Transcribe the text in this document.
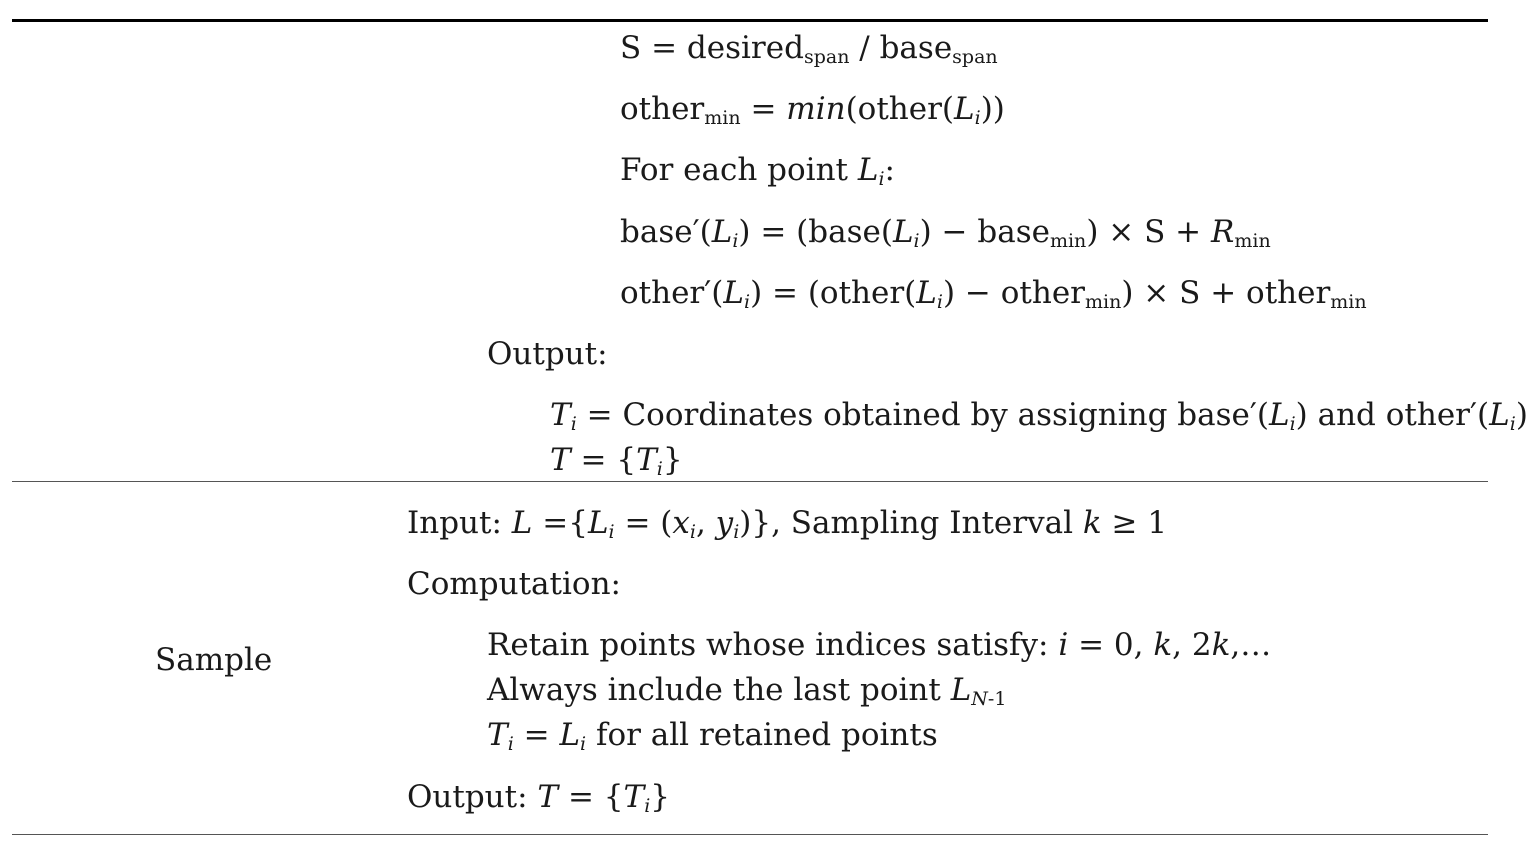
S = desiredspan / basespan
othermin = min(other(Li))
For each point Li:
base′(Li) = (base(Li) − basemin) × S + Rmin
other′(Li) = (other(Li) − othermin) × S + othermin
Output:
Ti = Coordinates obtained by assigning base′(Li) and other′(Li)
T = {Ti}
Sample
Input: L ={Li = (xi, yi)}, Sampling Interval k ≥ 1
Computation:
Retain points whose indices satisfy: i = 0, k, 2k,…
Always include the last point LN-1
Ti = Li for all retained points
Output: T = {Ti}
